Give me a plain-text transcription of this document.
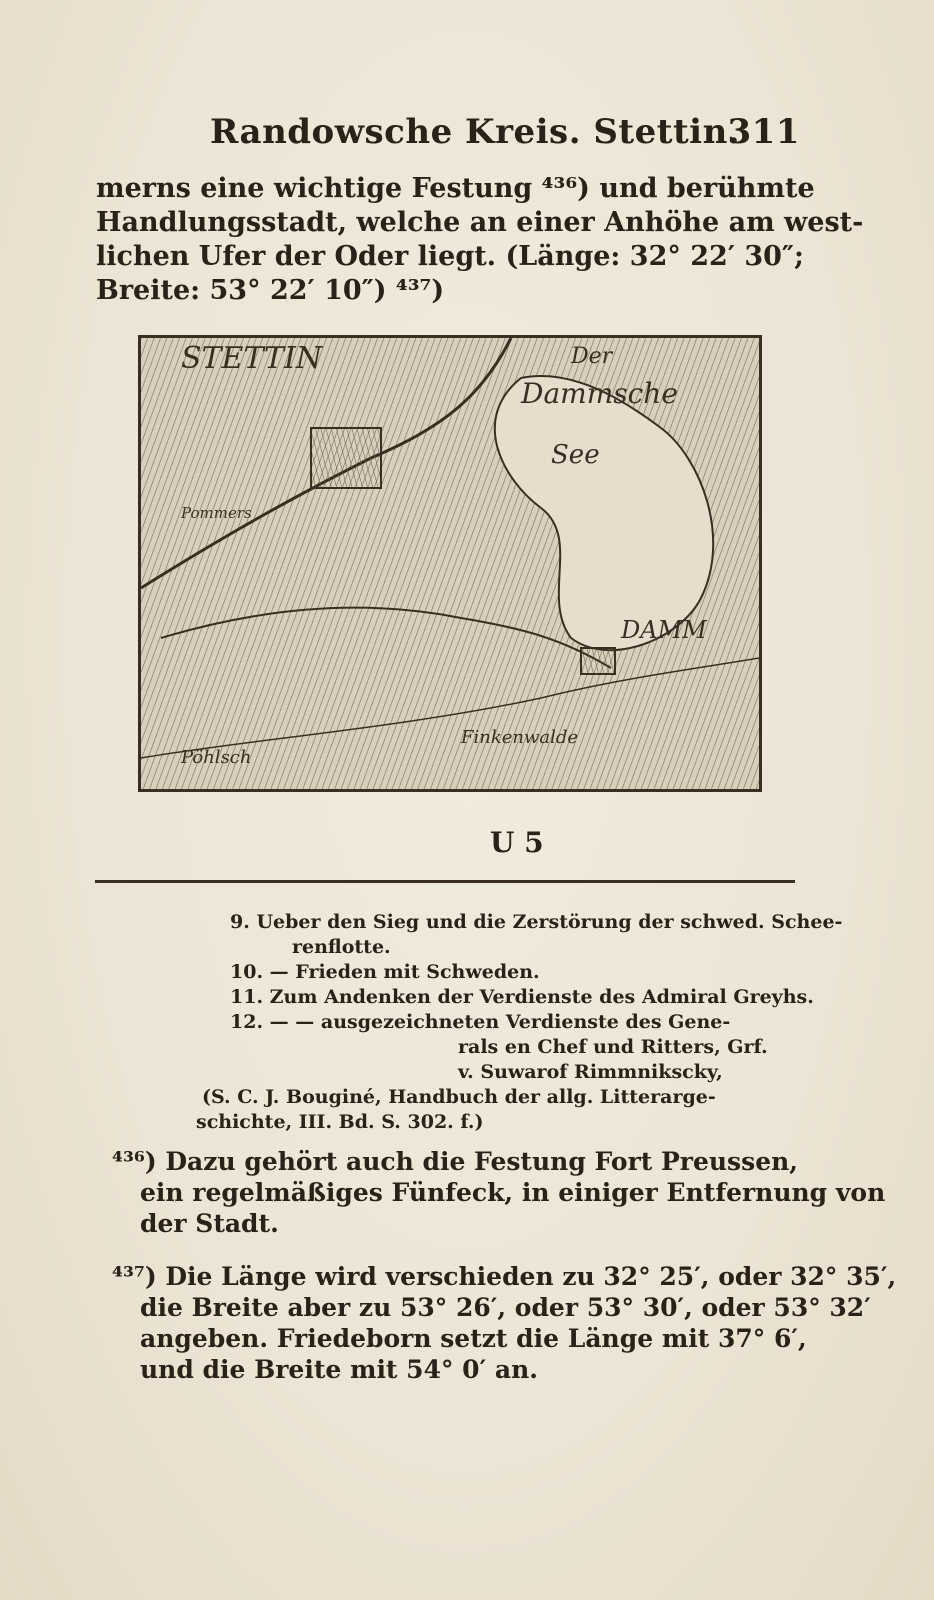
Randowsche Kreis. Stettin.
311
merns eine wichtige Festung ⁴³⁶) und berühmte
Handlungsstadt, welche an einer Anhöhe am west-
lichen Ufer der Oder liegt. (Länge: 32° 22′ 30″;
Breite: 53° 22′ 10″) ⁴³⁷)
STETTIN	Der
Dammsche
See
DAMM
Pommers
Pöhlsch
Finkenwalde
U 5
9. Ueber den Sieg und die Zerstörung der schwed. Schee-
renflotte.
10. — Frieden mit Schweden.
11. Zum Andenken der Verdienste des Admiral Greyhs.
12. — — ausgezeichneten Verdienste des Gene-
rals en Chef und Ritters, Grf.
v. Suwarof Rimmnikscky,
(S. C. J. Bouginé, Handbuch der allg. Litterarge-
schichte, III. Bd. S. 302. f.)
⁴³⁶) Dazu gehört auch die Festung Fort Preussen,
ein regelmäßiges Fünfeck, in einiger Entfernung von
der Stadt.
⁴³⁷) Die Länge wird verschieden zu 32° 25′, oder 32° 35′,
die Breite aber zu 53° 26′, oder 53° 30′, oder 53° 32′
angeben. Friedeborn setzt die Länge mit 37° 6′,
und die Breite mit 54° 0′ an.
